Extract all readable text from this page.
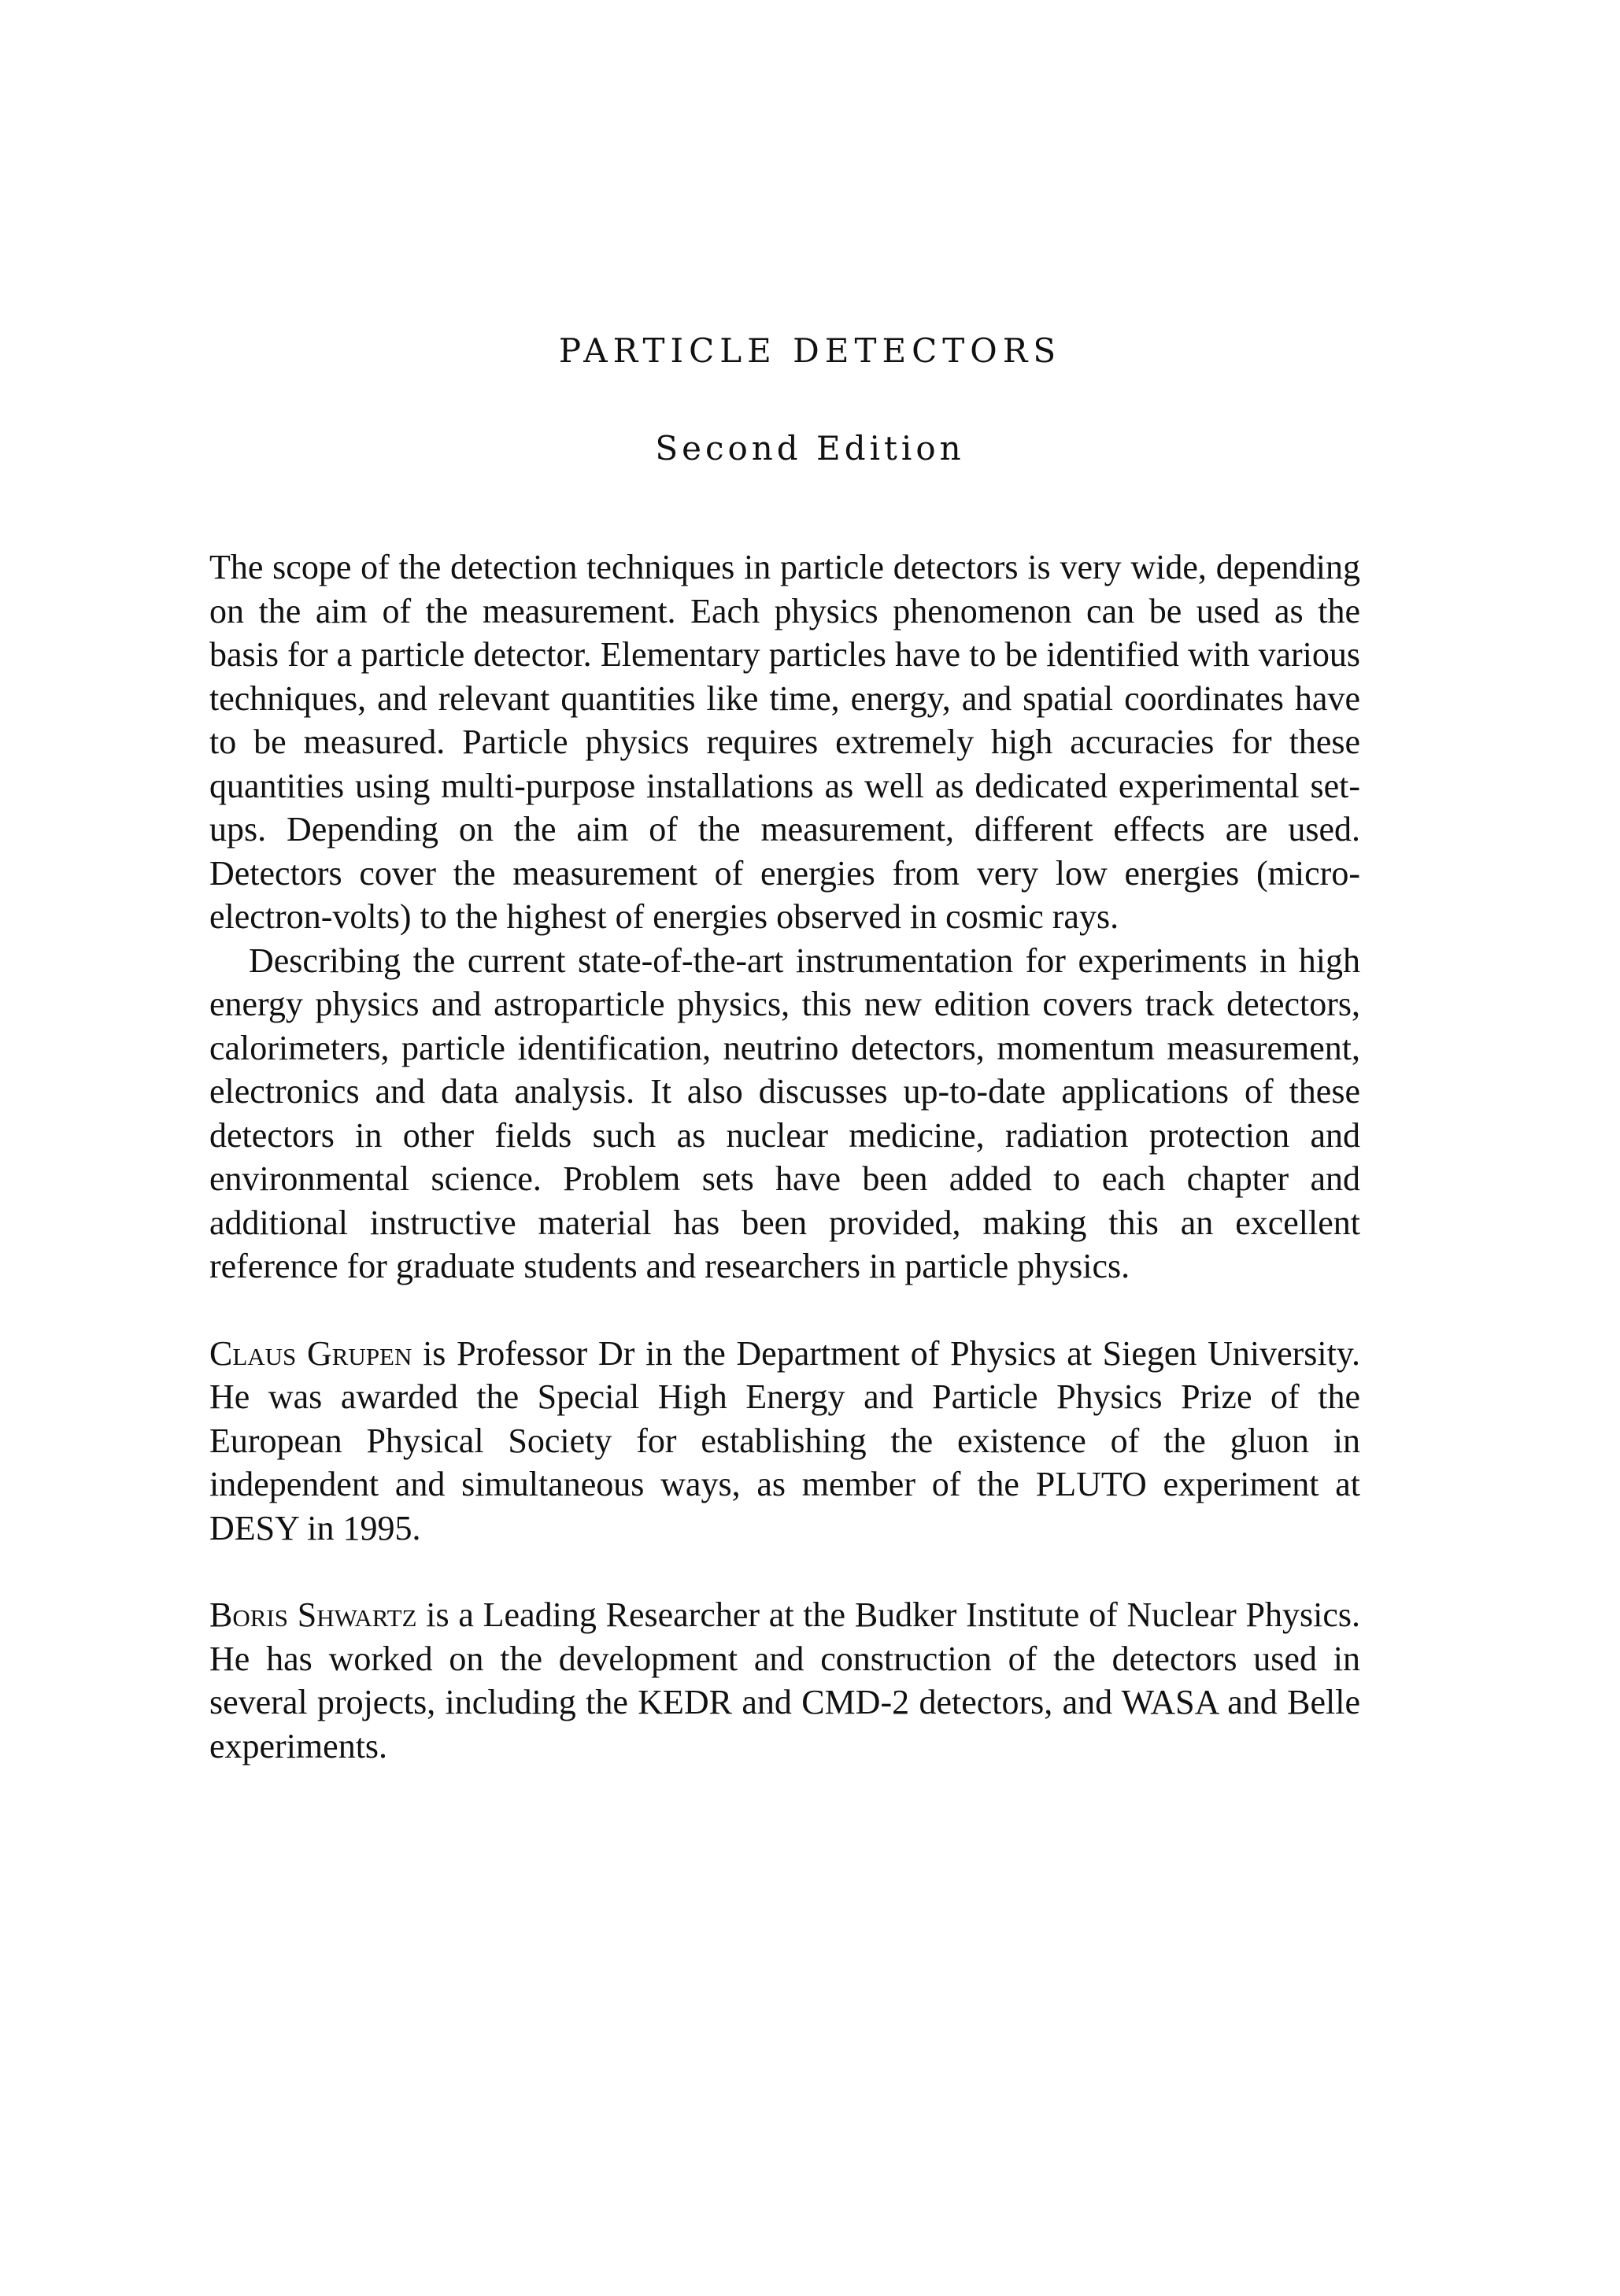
PARTICLE DETECTORS
Second Edition

The scope of the detection techniques in particle detectors is very wide, depending on the aim of the measurement. Each physics phenomenon can be used as the basis for a particle detector. Elementary particles have to be identified with various techniques, and relevant quantities like time, energy, and spatial coordinates have to be measured. Particle physics requires extremely high accuracies for these quantities using multi-purpose installations as well as dedicated experimental set-ups. Depending on the aim of the measurement, different effects are used. Detectors cover the measurement of energies from very low energies (micro-electron-volts) to the highest of energies observed in cosmic rays.

Describing the current state-of-the-art instrumentation for experiments in high energy physics and astroparticle physics, this new edition covers track detectors, calorimeters, particle identification, neutrino detectors, momentum measurement, electronics and data analysis. It also discusses up-to-date applications of these detectors in other fields such as nuclear medicine, radiation protection and environmental science. Problem sets have been added to each chapter and additional instructive material has been provided, making this an excellent reference for graduate students and researchers in particle physics.

Claus Grupen is Professor Dr in the Department of Physics at Siegen University. He was awarded the Special High Energy and Particle Physics Prize of the European Physical Society for establishing the existence of the gluon in independent and simultaneous ways, as member of the PLUTO experiment at DESY in 1995.

Boris Shwartz is a Leading Researcher at the Budker Institute of Nuclear Physics. He has worked on the development and construction of the detectors used in several projects, including the KEDR and CMD-2 detectors, and WASA and Belle experiments.
